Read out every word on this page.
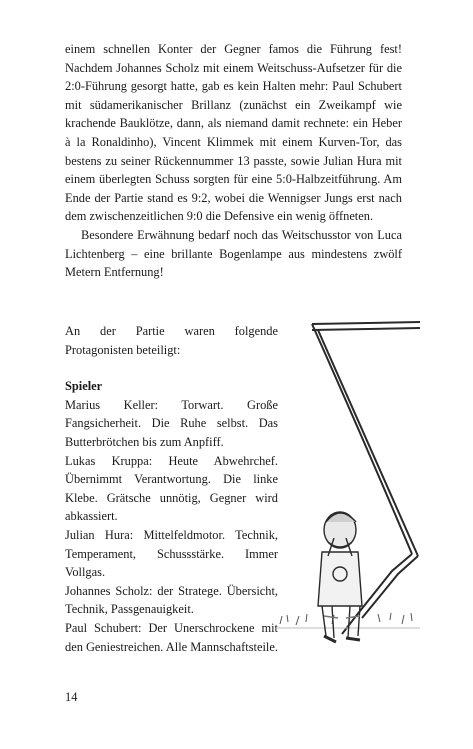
einem schnellen Konter der Gegner famos die Führung fest! Nachdem Johannes Scholz mit einem Weitschuss-Aufsetzer für die 2:0-Führung gesorgt hatte, gab es kein Halten mehr: Paul Schubert mit südamerikanischer Brillanz (zunächst ein Zweikampf wie krachende Bauklötze, dann, als niemand damit rechnete: ein Heber à la Ronaldinho), Vincent Klimmek mit einem Kurven-Tor, das bestens zu seiner Rückennummer 13 passte, sowie Julian Hura mit einem überlegten Schuss sorgten für eine 5:0-Halbzeitführung. Am Ende der Partie stand es 9:2, wobei die Wennigser Jungs erst nach dem zwischenzeitlichen 9:0 die Defensive ein wenig öffneten.

Besondere Erwähnung bedarf noch das Weitschusstor von Luca Lichtenberg – eine brillante Bogenlampe aus mindestens zwölf Metern Entfernung!

An der Partie waren folgende Protagonisten beteiligt:

Spieler

Marius Keller: Torwart. Große Fangsicherheit. Die Ruhe selbst. Das Butterbrötchen bis zum Anpfiff.

Lukas Kruppa: Heute Abwehrchef. Übernimmt Verantwortung. Die linke Klebe. Grätsche unnötig, Gegner wird abkassiert.

Julian Hura: Mittelfeldmotor. Technik, Temperament, Schussstärke. Immer Vollgas.

Johannes Scholz: der Stratege. Übersicht, Technik, Passgenauigkeit.

Paul Schubert: Der Unerschrockene mit den Geniestreichen. Alle Mannschaftsteile.

14
